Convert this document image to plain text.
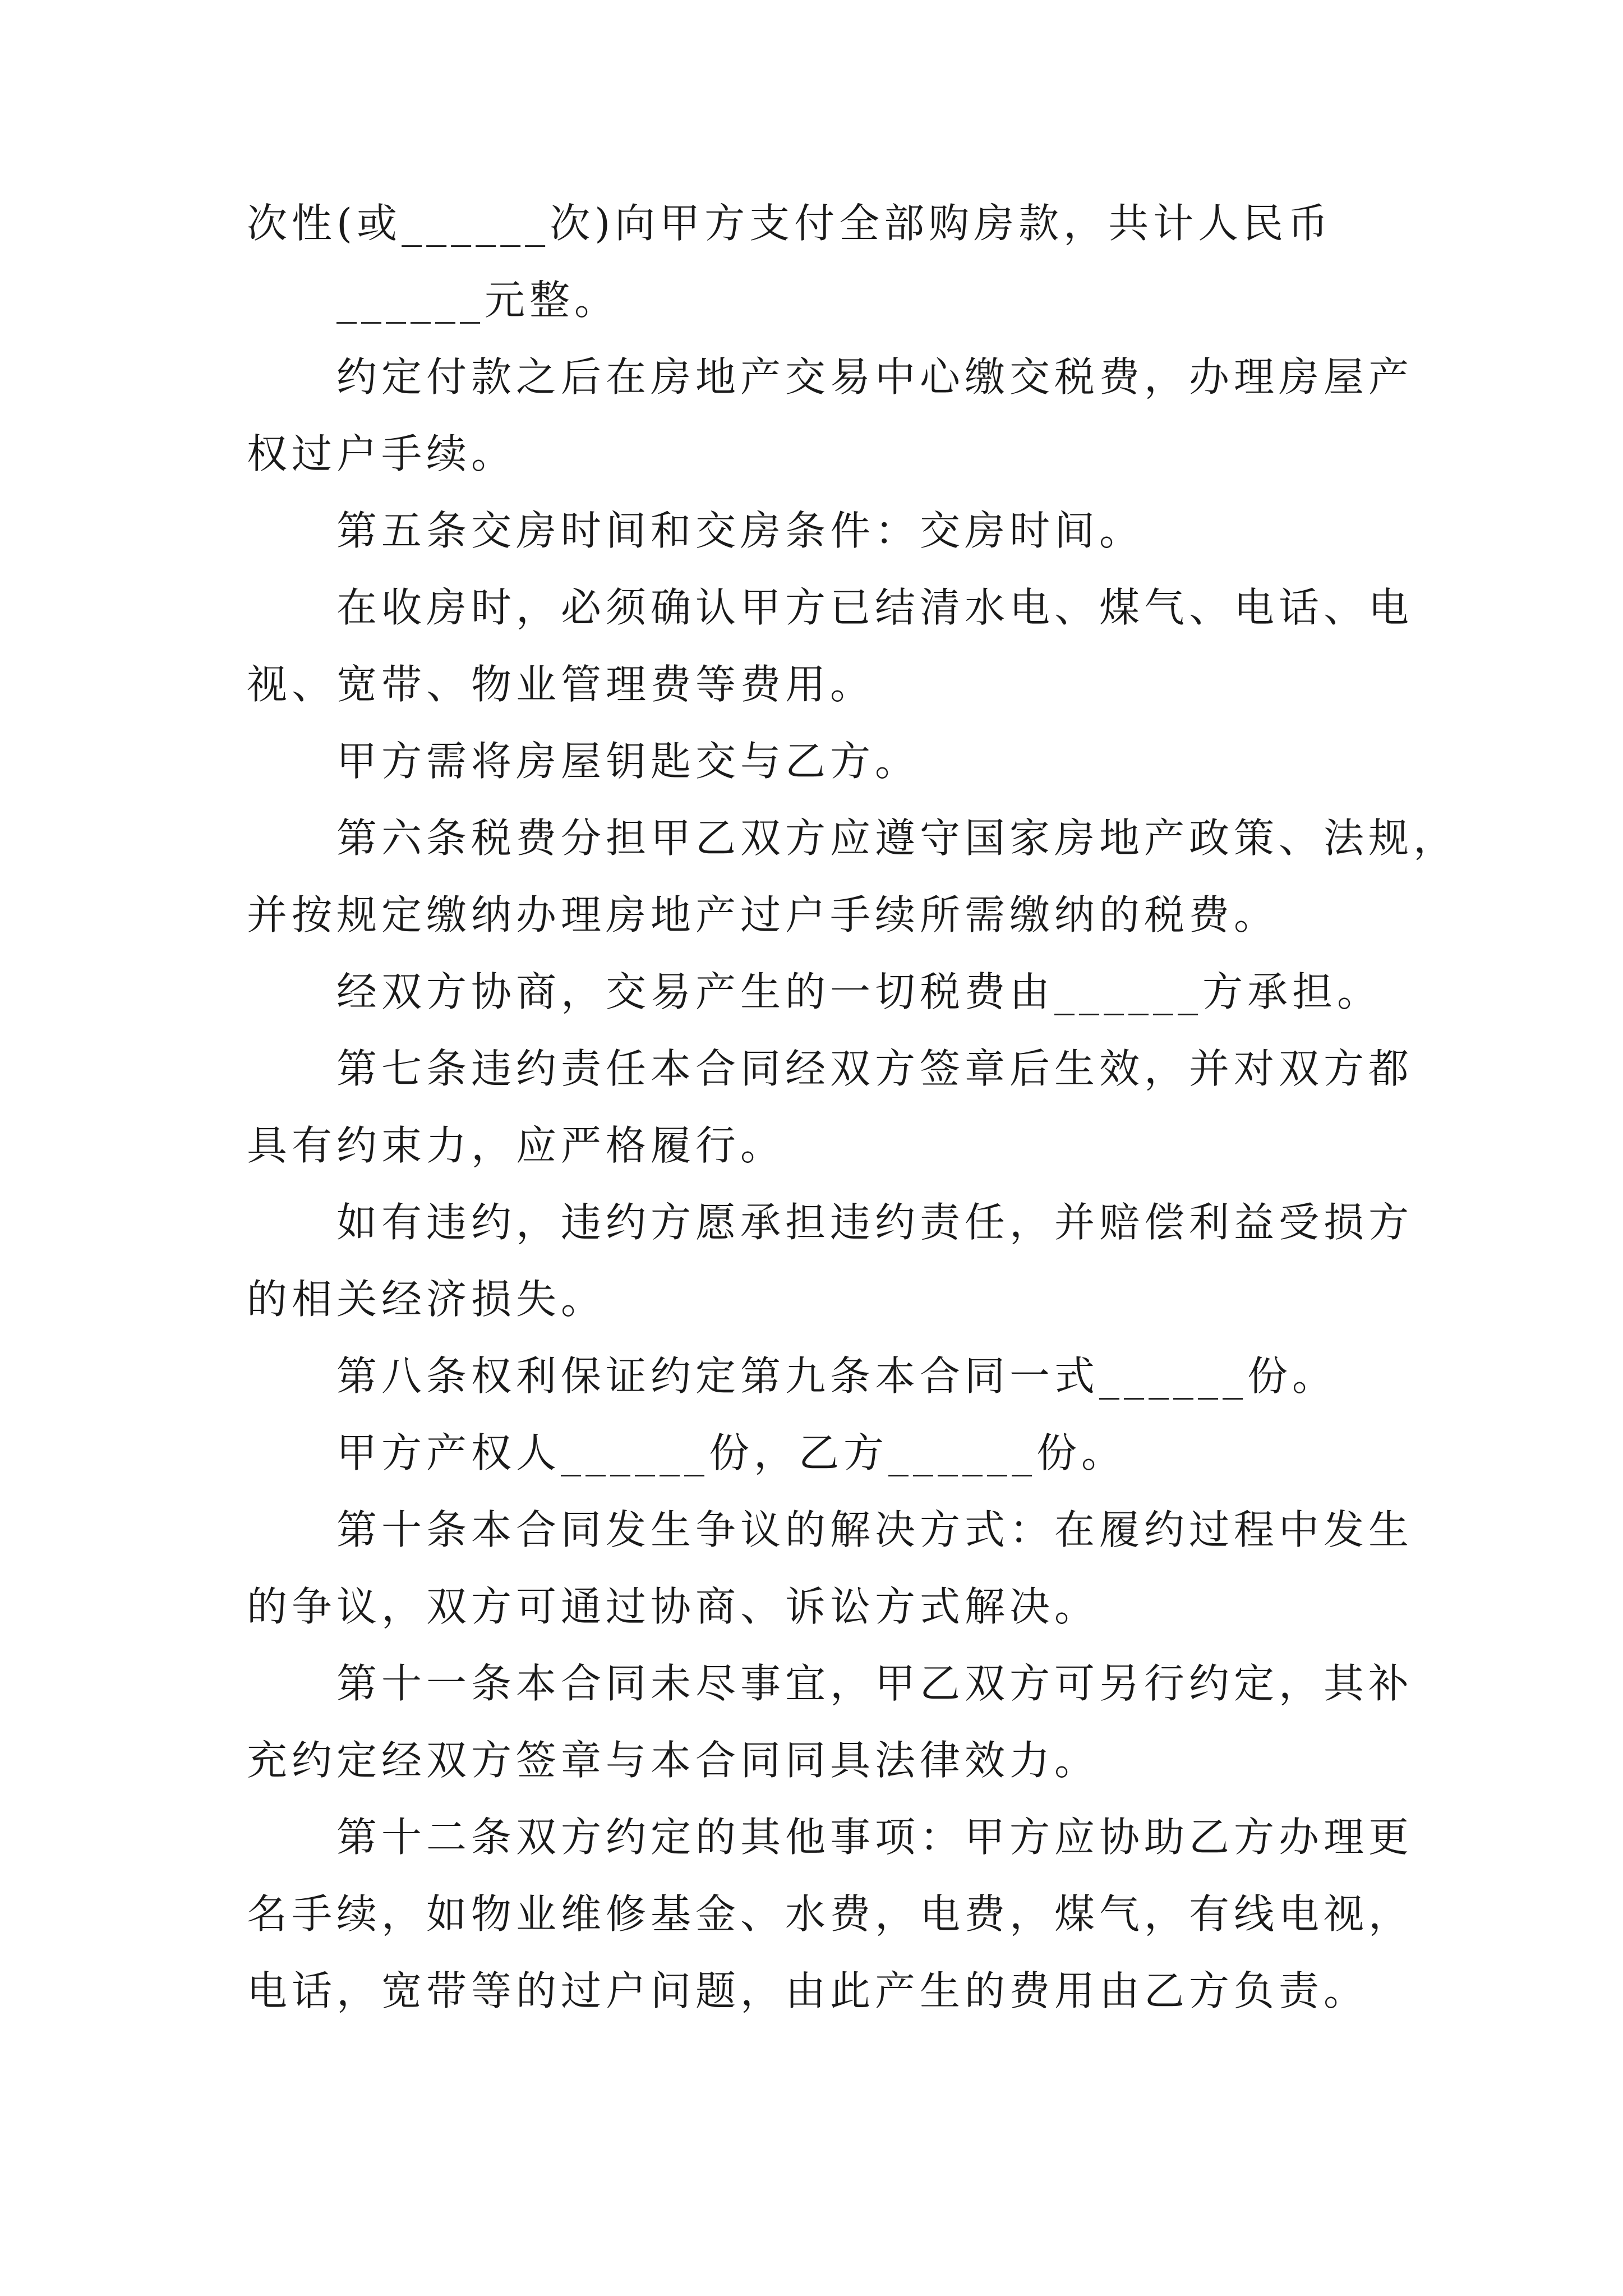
次性(或______次)向甲方支付全部购房款，共计人民币
______元整。
约定付款之后在房地产交易中心缴交税费，办理房屋产
权过户手续。
第五条交房时间和交房条件：交房时间。
在收房时，必须确认甲方已结清水电、煤气、电话、电
视、宽带、物业管理费等费用。
甲方需将房屋钥匙交与乙方。
第六条税费分担甲乙双方应遵守国家房地产政策、法规，
并按规定缴纳办理房地产过户手续所需缴纳的税费。
经双方协商，交易产生的一切税费由______方承担。
第七条违约责任本合同经双方签章后生效，并对双方都
具有约束力，应严格履行。
如有违约，违约方愿承担违约责任，并赔偿利益受损方
的相关经济损失。
第八条权利保证约定第九条本合同一式______份。
甲方产权人______份，乙方______份。
第十条本合同发生争议的解决方式：在履约过程中发生
的争议，双方可通过协商、诉讼方式解决。
第十一条本合同未尽事宜，甲乙双方可另行约定，其补
充约定经双方签章与本合同同具法律效力。
第十二条双方约定的其他事项：甲方应协助乙方办理更
名手续，如物业维修基金、水费，电费，煤气，有线电视，
电话，宽带等的过户问题，由此产生的费用由乙方负责。
